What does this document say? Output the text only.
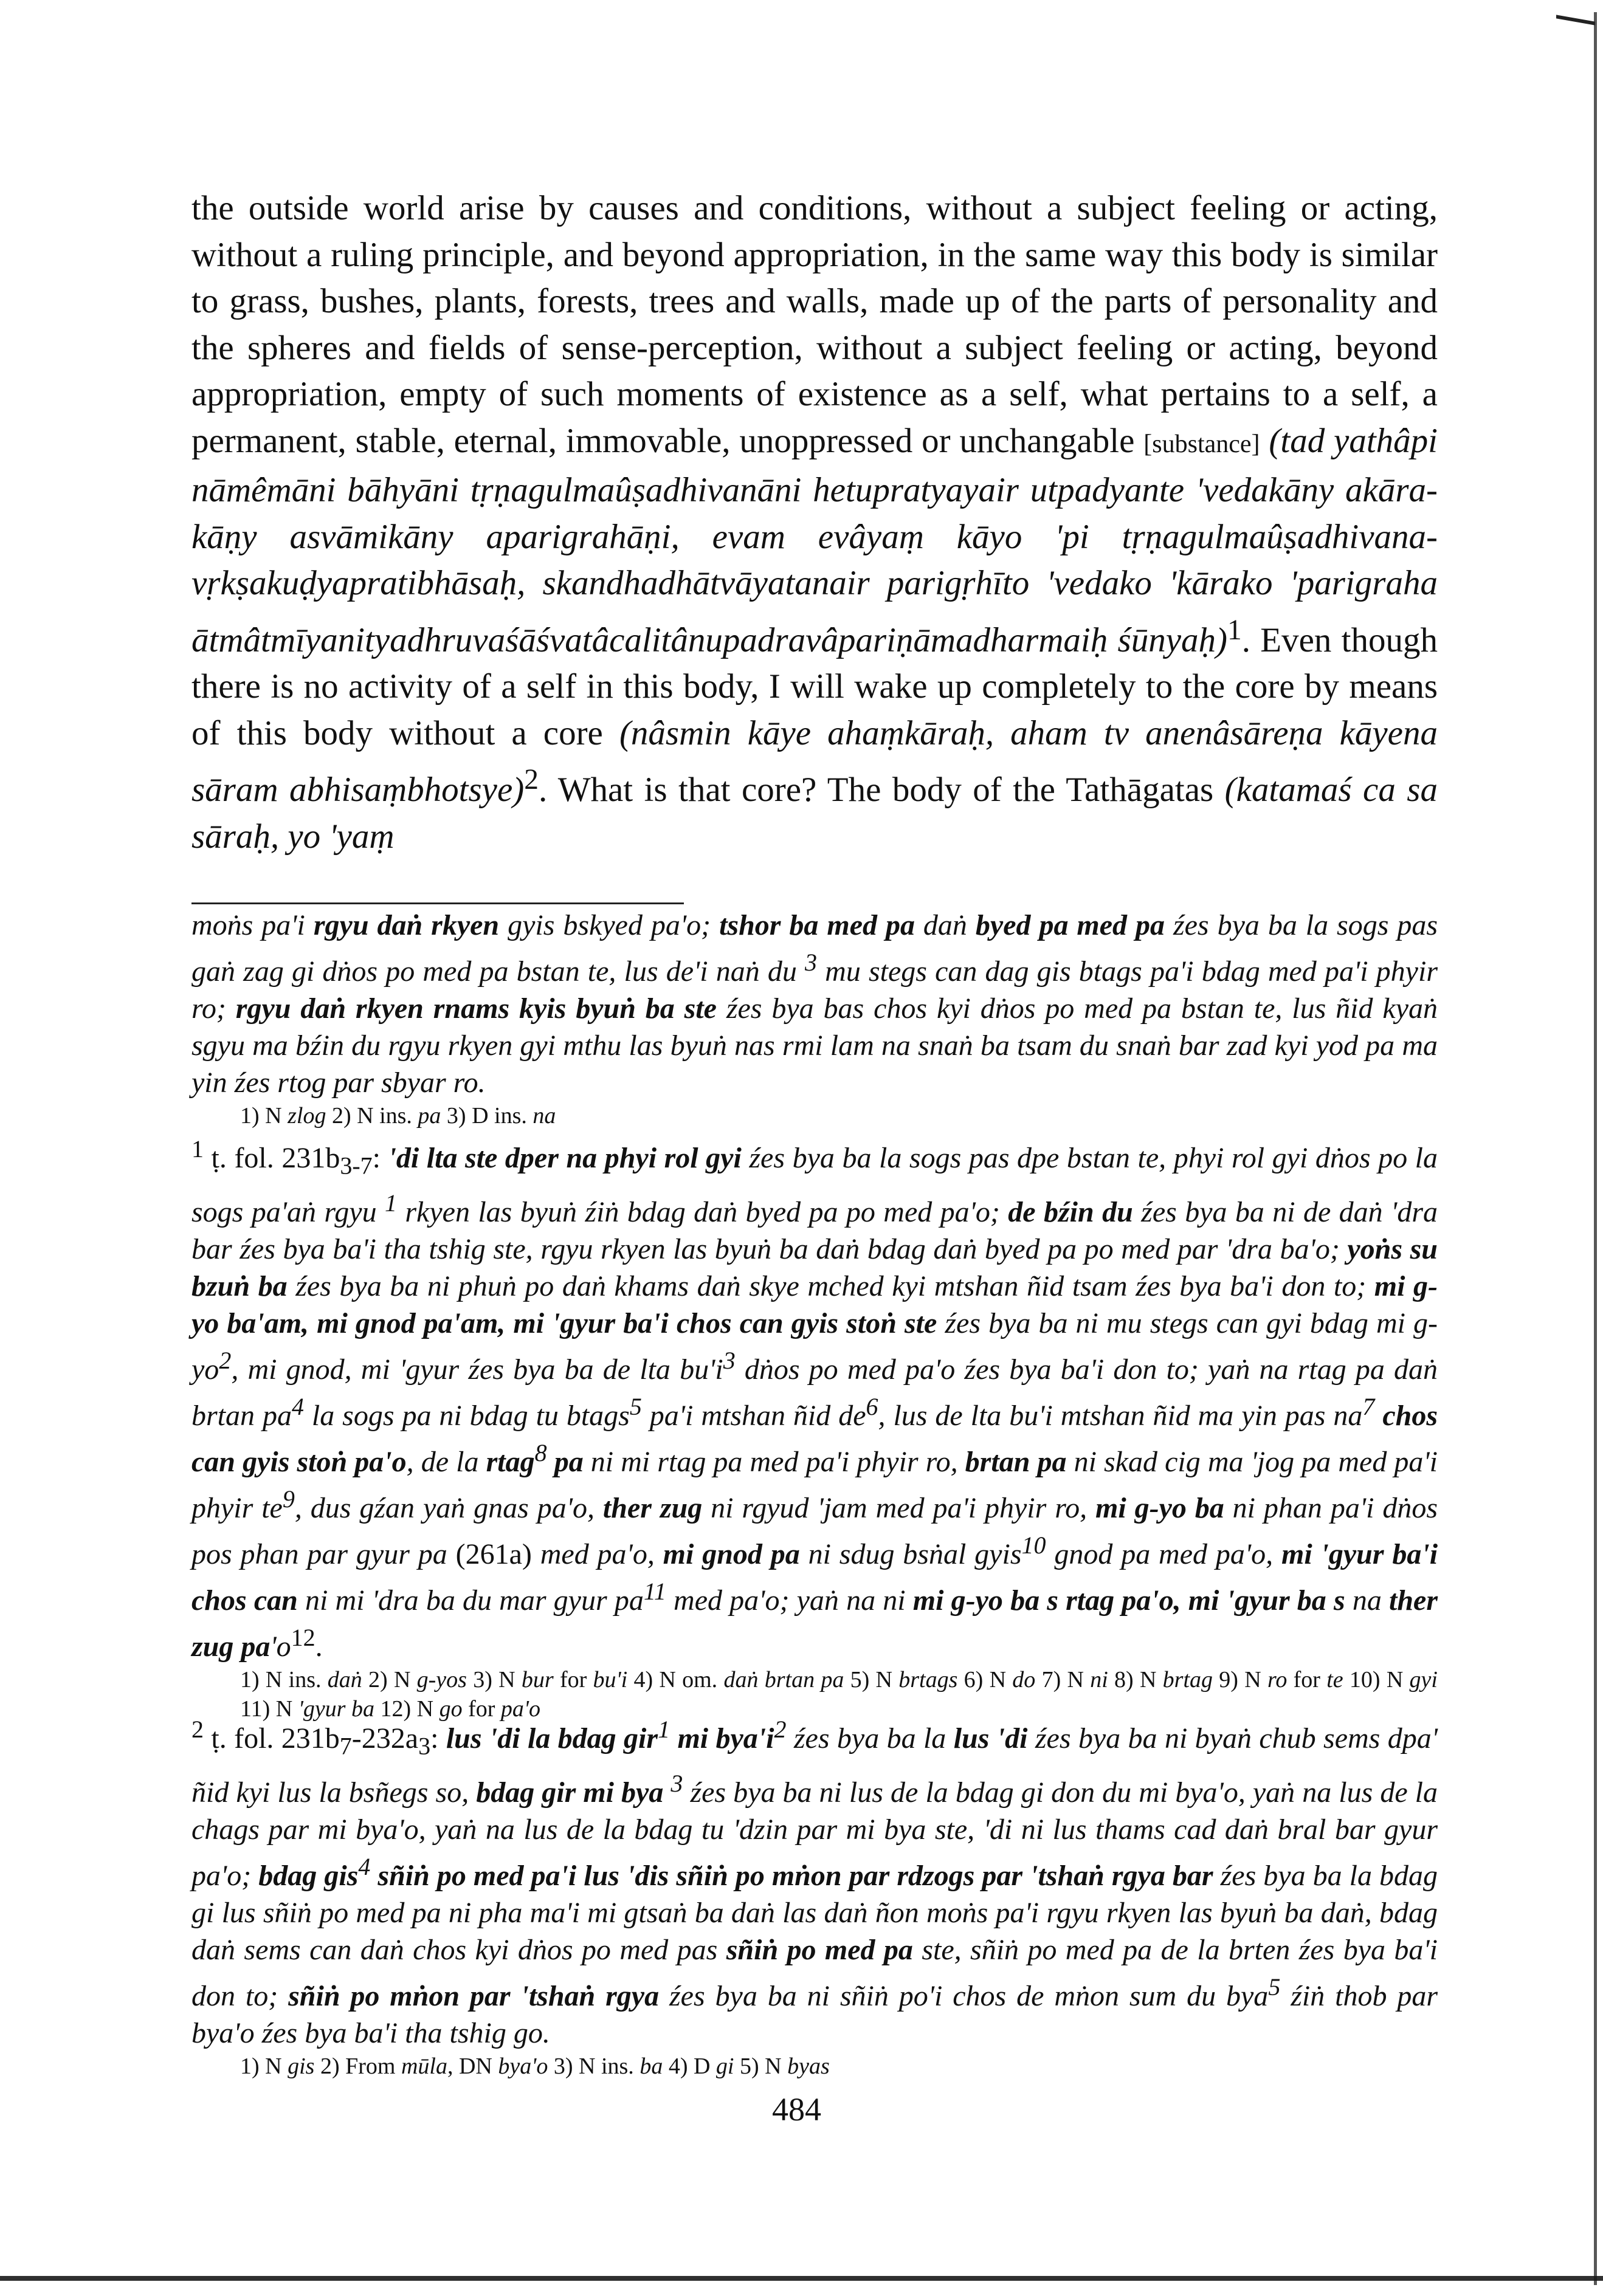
the outside world arise by causes and conditions, without a subject feeling or acting, without a ruling principle, and beyond appropriation, in the same way this body is similar to grass, bushes, plants, forests, trees and walls, made up of the parts of personality and the spheres and fields of sense-perception, without a subject feeling or acting, beyond appropriation, empty of such moments of existence as a self, what pertains to a self, a permanent, stable, eternal, immovable, unoppressed or unchangable [substance] (tad yathâpi nāmêmāni bāhyāni tṛṇagulmaûṣadhivanāni hetupratyayair utpadyante 'vedakāny akārakāṇy asvāmikāny aparigrahāṇi, evam evâyaṃ kāyo 'pi tṛṇagulmaûṣadhivanavṛkṣakuḍyapratibhāsaḥ, skandhadhātvāyatanair parigṛhīto 'vedako 'kārako 'parigraha ātmâtmīyanityadhruvaśāśvatâcalitânupadravâpariṇāmadharmaiḥ śūnyaḥ)$^1$. Even though there is no activity of a self in this body, I will wake up completely to the core by means of this body without a core (nâsmin kāye ahaṃkāraḥ, aham tv anenâsāreṇa kāyena sāram abhisaṃbhotsye)$^2$. What is that core? The body of the Tathāgatas (katamaś ca sa sāraḥ, yo 'yaṃ

moṅs pa'i rgyu daṅ rkyen gyis bskyed pa'o; tshor ba med pa daṅ byed pa med pa źes bya ba la sogs pas gaṅ zag gi dṅos po med pa bstan te, lus de'i naṅ du $^3$ mu stegs can dag gis btags pa'i bdag med pa'i phyir ro; rgyu daṅ rkyen rnams kyis byuṅ ba ste źes bya bas chos kyi dṅos po med pa bstan te, lus ñid kyaṅ sgyu ma bźin du rgyu rkyen gyi mthu las byuṅ nas rmi lam na snaṅ ba tsam du snaṅ bar zad kyi yod pa ma yin źes rtog par sbyar ro.

1) N zlog 2) N ins. pa 3) D ins. na

$^1$ ṭ. fol. $231b_{3-7}$: 'di lta ste dper na phyi rol gyi źes bya ba la sogs pas dpe bstan te, phyi rol gyi dṅos po la sogs pa'aṅ rgyu $^1$ rkyen las byuṅ źiṅ bdag daṅ byed pa po med pa'o; de bźin du źes bya ba ni de daṅ 'dra bar źes bya ba'i tha tshig ste, rgyu rkyen las byuṅ ba daṅ bdag daṅ byed pa po med par 'dra ba'o; yoṅs su bzuṅ ba źes bya ba ni phuṅ po daṅ khams daṅ skye mched kyi mtshan ñid tsam źes bya ba'i don to; mi g-yo ba'am, mi gnod pa'am, mi 'gyur ba'i chos can gyis stoṅ ste źes bya ba ni mu stegs can gyi bdag mi $g-yo^2$, mi gnod, mi 'gyur źes bya ba de lta $bu'i^3$ dṅos po med pa'o źes bya ba'i don to; yaṅ na rtag pa daṅ brtan $pa^4$ la sogs pa ni bdag tu btags$^5$ pa'i mtshan ñid $de^6$, lus de lta bu'i mtshan ñid ma yin pas $na^7$ chos can gyis stoṅ pa'o, de la rtag$^8$ pa ni mi rtag pa med pa'i phyir ro, brtan pa ni skad cig ma 'jog pa med pa'i phyir $te^9$, dus gźan yaṅ gnas pa'o, ther zug ni rgyud 'jam med pa'i phyir ro, mi g-yo ba ni phan pa'i dṅos pos phan par gyur pa (261a) med pa'o, mi gnod pa ni sdug bsṅal gyis$^{10}$ gnod pa med pa'o, mi 'gyur ba'i chos can ni mi 'dra ba du mar gyur $pa^{11}$ med pa'o; yaṅ na ni mi g-yo ba s rtag pa'o, mi 'gyur ba s na ther zug $pa'o^{12}$.

1) N ins. daṅ 2) N g-yos 3) N bur for bu'i 4) N om. daṅ brtan pa 5) N brtags 6) N do 7) N ni 8) N brtag 9) N ro for te 10) N gyi 11) N 'gyur ba 12) N go for pa'o

$^2$ ṭ. fol. $231b_7-232a_3$: lus 'di la bdag gir$^1$ mi $bya'i^2$ źes bya ba la lus 'di źes bya ba ni byaṅ chub sems dpa' ñid kyi lus la bsñegs so, bdag gir mi bya $^3$ źes bya ba ni lus de la bdag gi don du mi bya'o, yaṅ na lus de la chags par mi bya'o, yaṅ na lus de la bdag tu 'dzin par mi bya ste, 'di ni lus thams cad daṅ bral bar gyur pa'o; bdag gis$^4$ sñiṅ po med pa'i lus 'dis sñiṅ po mṅon par rdzogs par 'tshaṅ rgya bar źes bya ba la bdag gi lus sñiṅ po med pa ni pha ma'i mi gtsaṅ ba daṅ las daṅ ñon moṅs pa'i rgyu rkyen las byuṅ ba daṅ, bdag daṅ sems can daṅ chos kyi dṅos po med pas sñiṅ po med pa ste, sñiṅ po med pa de la brten źes bya ba'i don to; sñiṅ po mṅon par 'tshaṅ rgya źes bya ba ni sñiṅ po'i chos de mṅon sum du bya$^5$ źiṅ thob par bya'o źes bya ba'i tha tshig go.

1) N gis 2) From mūla, DN bya'o 3) N ins. ba 4) D gi 5) N byas

484
